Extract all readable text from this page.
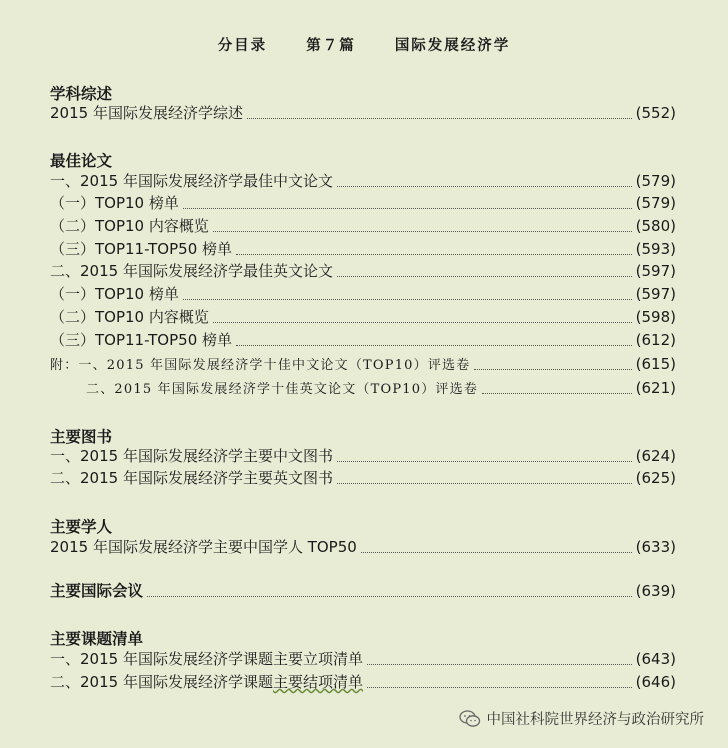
分目录	第７篇	国际发展经济学
学科综述
2015 年国际发展经济学综述	(552)
最佳论文
一、2015 年国际发展经济学最佳中文论文	(579)
（一）TOP10 榜单	(579)
（二）TOP10 内容概览	(580)
（三）TOP11-TOP50 榜单	(593)
二、2015 年国际发展经济学最佳英文论文	(597)
（一）TOP10 榜单	(597)
（二）TOP10 内容概览	(598)
（三）TOP11-TOP50 榜单	(612)
附：一、2015 年国际发展经济学十佳中文论文（TOP10）评选卷	(615)
二、2015 年国际发展经济学十佳英文论文（TOP10）评选卷	(621)
主要图书
一、2015 年国际发展经济学主要中文图书	(624)
二、2015 年国际发展经济学主要英文图书	(625)
主要学人
2015 年国际发展经济学主要中国学人 TOP50	(633)
主要国际会议	(639)
主要课题清单
一、2015 年国际发展经济学课题主要立项清单	(643)
二、2015 年国际发展经济学课题主要结项清单	(646)
中国社科院世界经济与政治研究所
